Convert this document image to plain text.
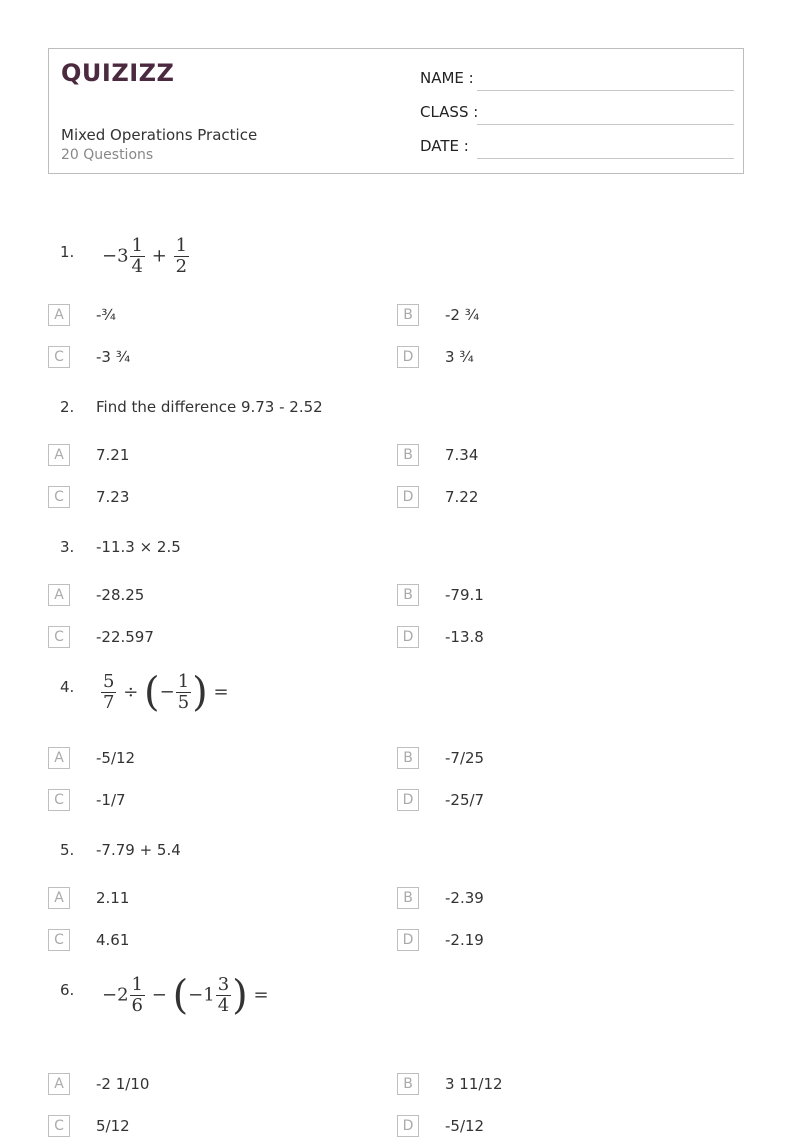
QUIZIZZ
Mixed Operations Practice
20 Questions
NAME :
CLASS :
DATE :
1. $-3 \frac{1}{4} + \frac{1}{2}$
A	-¾	B	-2 ¾
C	-3 ¾	D	3 ¾
2. Find the difference 9.73 - 2.52
A	7.21	B	7.34
C	7.23	D	7.22
3. -11.3 × 2.5
A	-28.25	B	-79.1
C	-22.597	D	-13.8
4. $\frac{5}{7}$ ÷ (− $\frac{1}{5}$ ) =
A	-5/12	B	-7/25
C	-1/7	D	-25/7
5. -7.79 + 5.4
A	2.11	B	-2.39
C	4.61	D	-2.19
6. $-2 \frac{1}{6} - (-1 \frac{3}{4}$ ) =
A	-2 1/10	B	3 11/12
C	5/12	D	-5/12
